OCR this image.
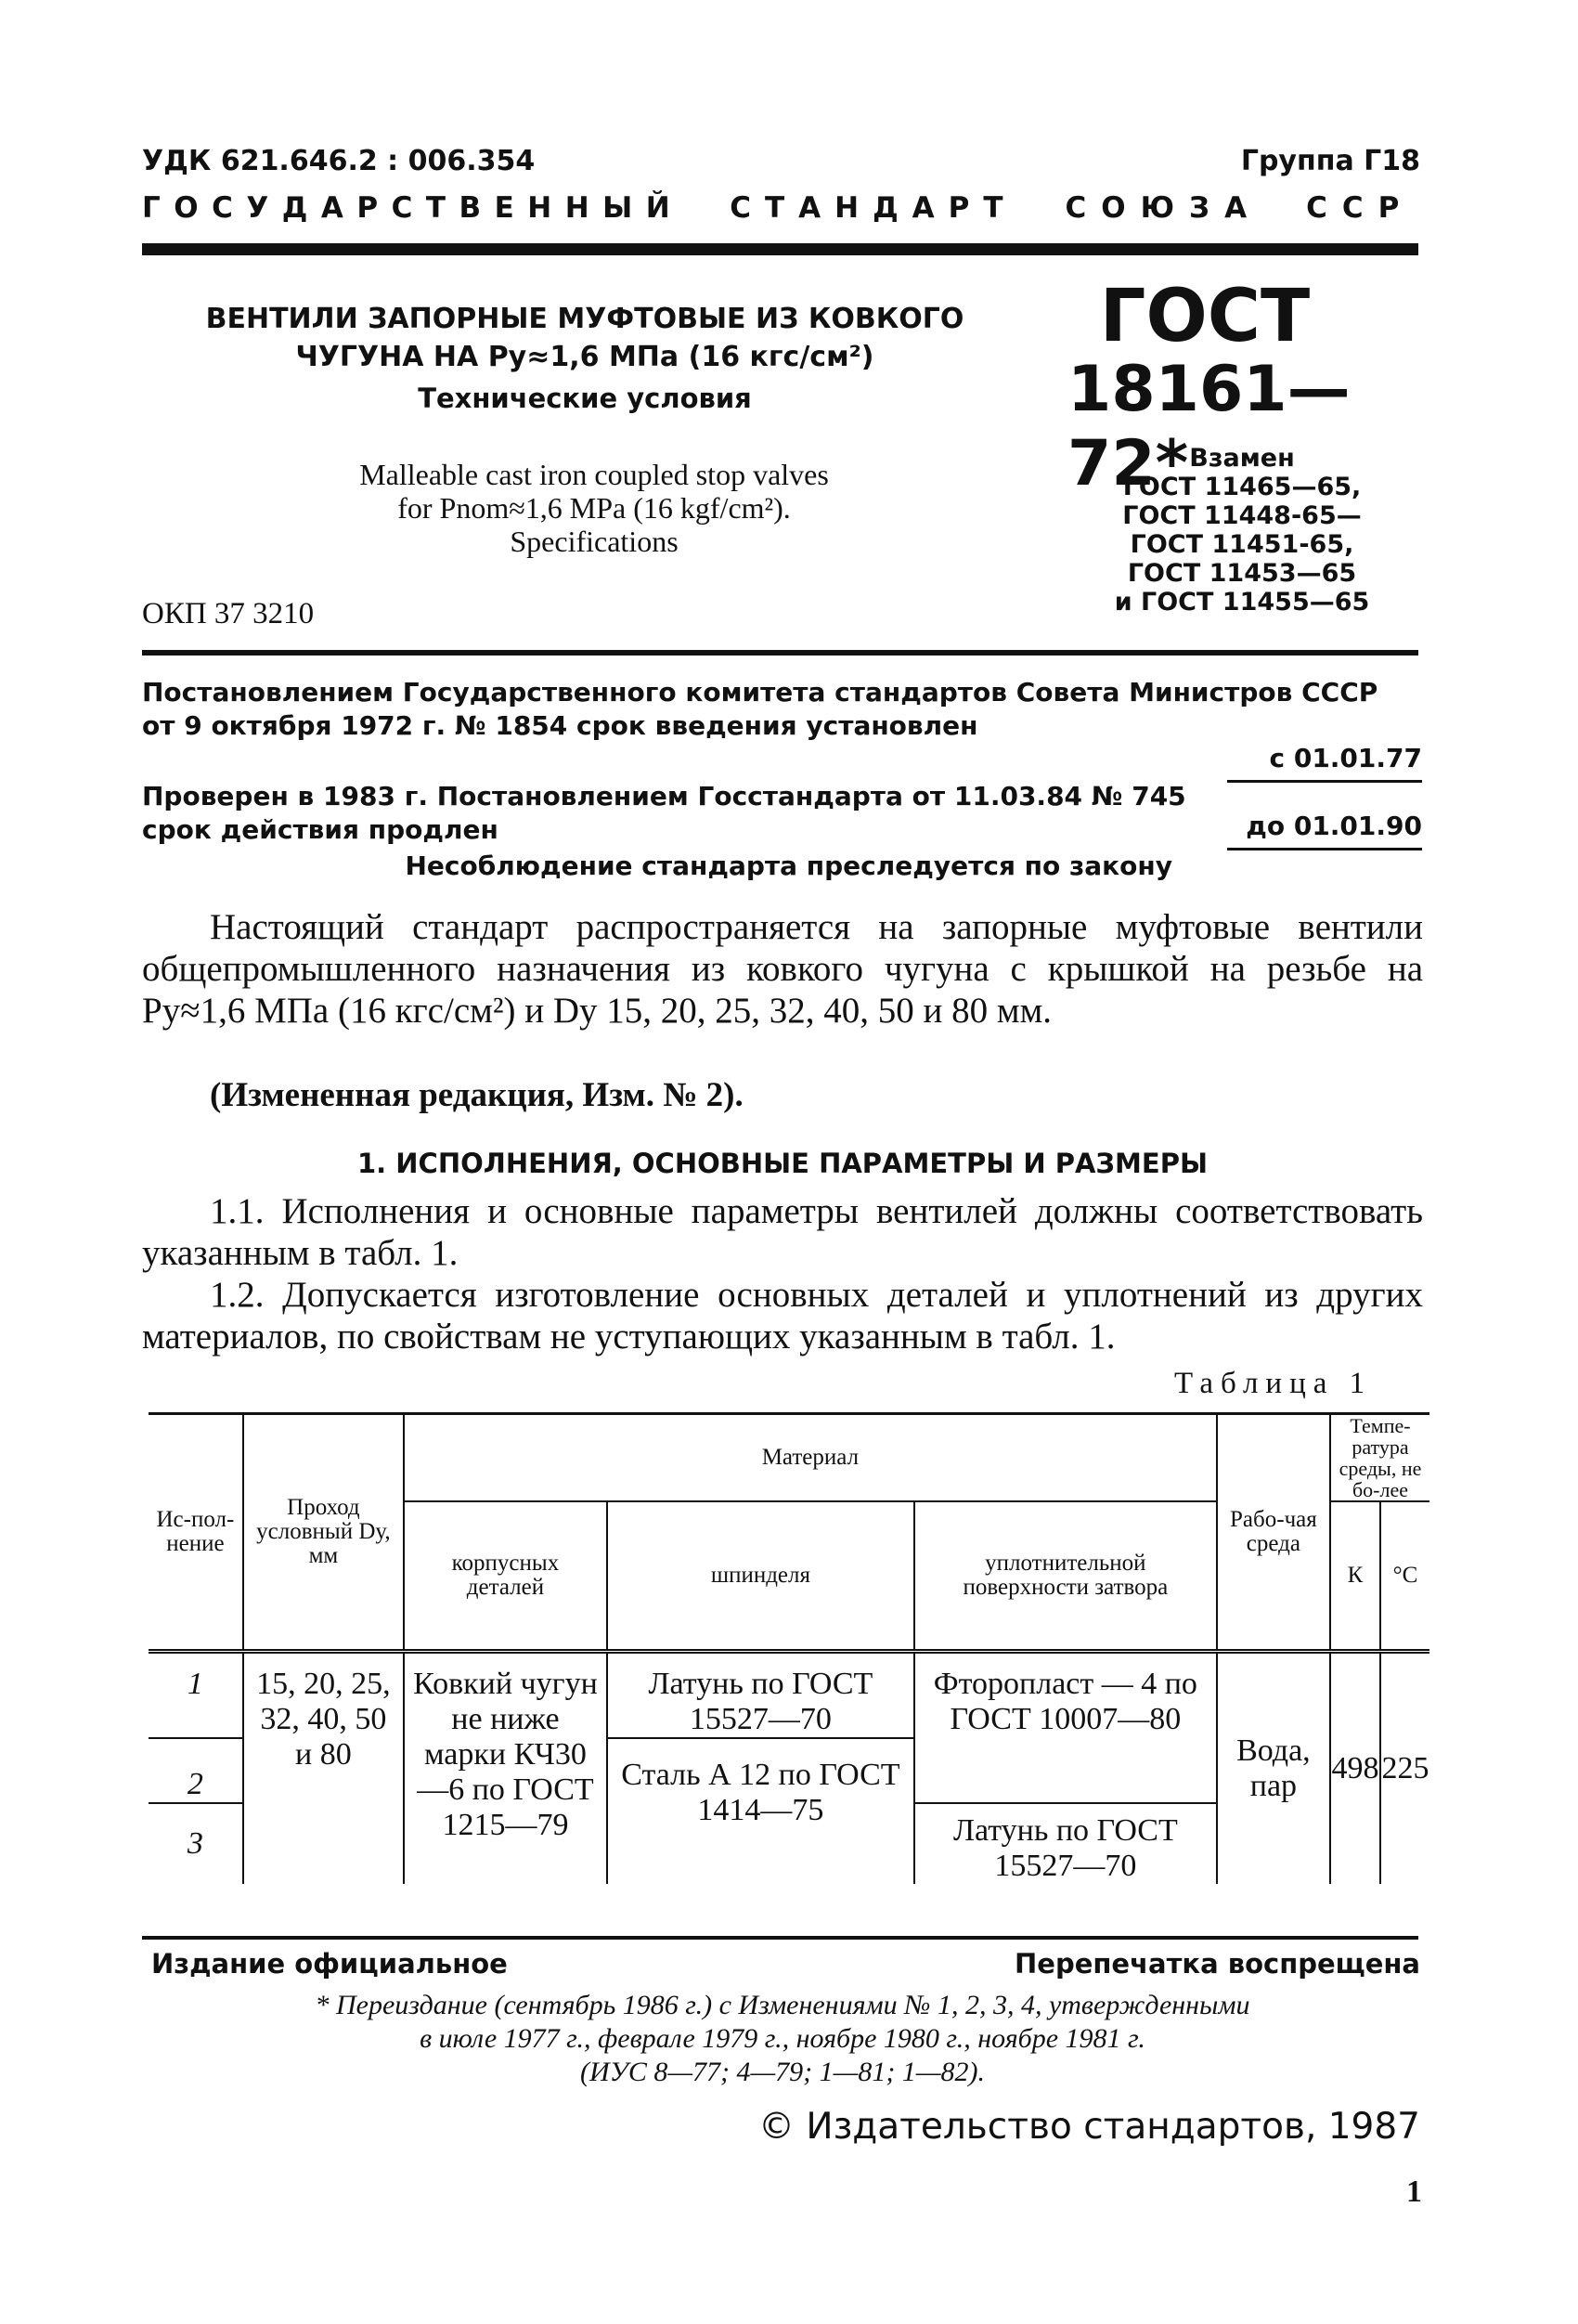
УДК 621.646.2 : 006.354	Группа Г18
ГОСУДАРСТВЕННЫЙ СТАНДАРТ СОЮЗА ССР
ВЕНТИЛИ ЗАПОРНЫЕ МУФТОВЫЕ ИЗ КОВКОГО
ЧУГУНА НА Pу≈1,6 МПа (16 кгс/см²)
Технические условия
Malleable cast iron coupled stop valves
for Pnom≈1,6 MPa (16 kgf/cm²).
Specifications
ОКП 37 3210
ГОСТ
18161—72* Взамен
ГОСТ 11465—65,
ГОСТ 11448-65—
ГОСТ 11451-65,
ГОСТ 11453—65
и ГОСТ 11455—65
Постановлением Государственного комитета стандартов Совета Министров СССР
от 9 октября 1972 г. № 1854 срок введения установлен
с 01.01.77
Проверен в 1983 г. Постановлением Госстандарта от 11.03.84 № 745
срок действия продлен	до 01.01.90
Несоблюдение стандарта преследуется по закону
Настоящий стандарт распространяется на запорные муфтовые вентили общепромышленного назначения из ковкого чугуна с крышкой на резьбе на Pу≈1,6 МПа (16 кгс/см²) и Dу 15, 20, 25, 32, 40, 50 и 80 мм.
(Измененная редакция, Изм. № 2).
1. ИСПОЛНЕНИЯ, ОСНОВНЫЕ ПАРАМЕТРЫ И РАЗМЕРЫ
1.1. Исполнения и основные параметры вентилей должны соответствовать указанным в табл. 1.
1.2. Допускается изготовление основных деталей и уплотнений из других материалов, по свойствам не уступающих указанным в табл. 1.
Таблица 1
Ис-пол-нение	Проход условный Dу, мм	Материал			Рабо-чая среда	Темпе-ратура среды, не бо-лее	
		корпусных деталей	шпинделя	уплотнительной поверхности затвора		К	°С

1	15, 20, 25, 32, 40, 50 и 80	Ковкий чугун не ниже марки КЧ30—6 по ГОСТ 1215—79	Латунь по ГОСТ 15527—70	Фторопласт — 4 по ГОСТ 10007—80	Вода, пар	498	225
2			Сталь А 12 по ГОСТ 1414—75				
3				Латунь по ГОСТ 15527—70			
Издание официальное	Перепечатка воспрещена
* Переиздание (сентябрь 1986 г.) с Изменениями № 1, 2, 3, 4, утвержденными
в июле 1977 г., феврале 1979 г., ноябре 1980 г., ноябре 1981 г.
(ИУС 8—77; 4—79; 1—81; 1—82).
© Издательство стандартов, 1987
1
